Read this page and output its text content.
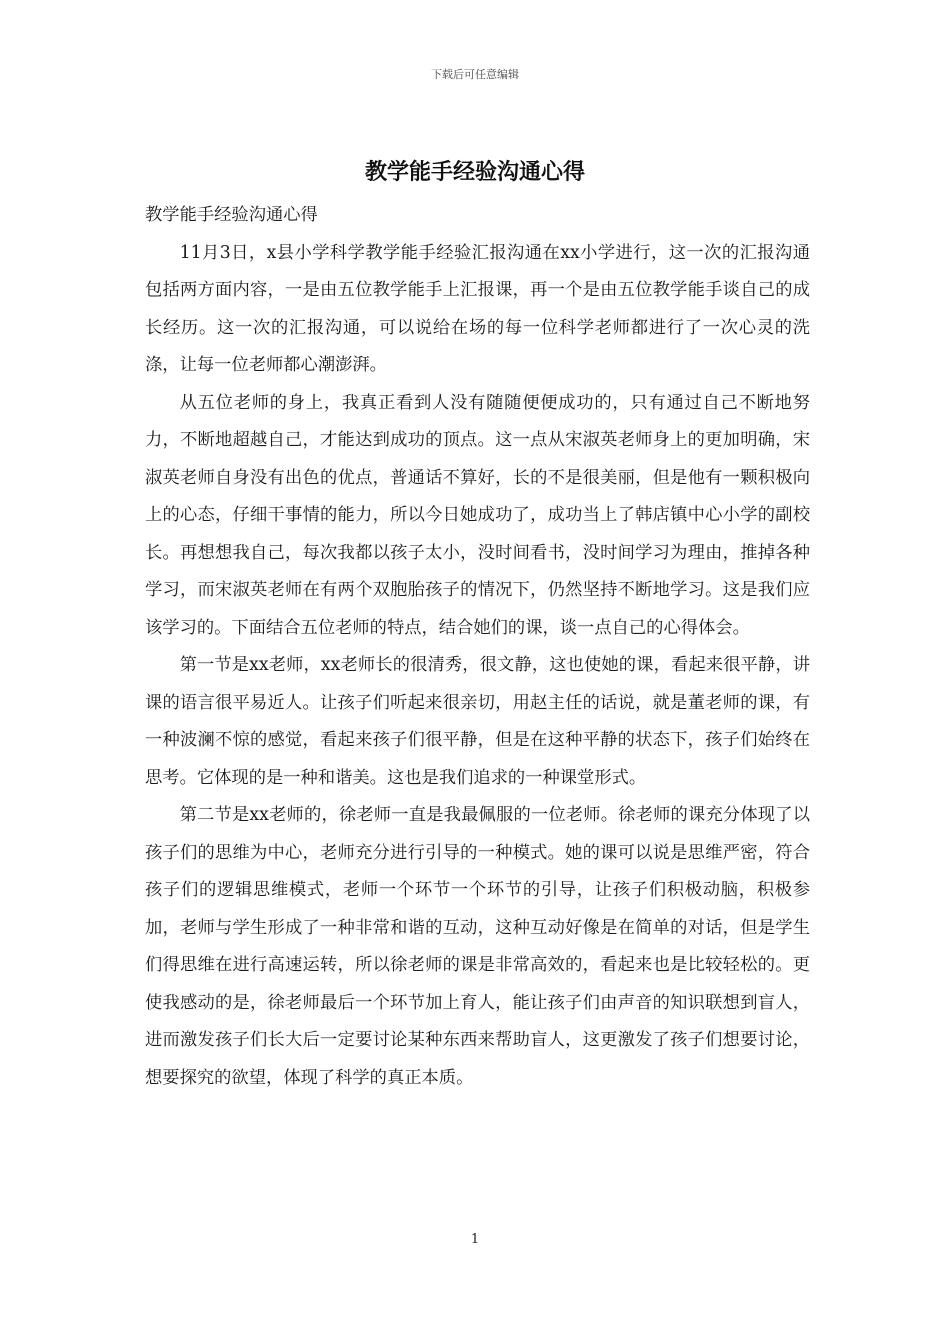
下载后可任意编辑
教学能手经验沟通心得

教学能手经验沟通心得

11月3日，x县小学科学教学能手经验汇报沟通在xx小学进行，这一次的汇报沟通包括两方面内容，一是由五位教学能手上汇报课，再一个是由五位教学能手谈自己的成长经历。这一次的汇报沟通，可以说给在场的每一位科学老师都进行了一次心灵的洗涤，让每一位老师都心潮澎湃。

从五位老师的身上，我真正看到人没有随随便便成功的，只有通过自己不断地努力，不断地超越自己，才能达到成功的顶点。这一点从宋淑英老师身上的更加明确，宋淑英老师自身没有出色的优点，普通话不算好，长的不是很美丽，但是他有一颗积极向上的心态，仔细干事情的能力，所以今日她成功了，成功当上了韩店镇中心小学的副校长。再想想我自己，每次我都以孩子太小，没时间看书，没时间学习为理由，推掉各种学习，而宋淑英老师在有两个双胞胎孩子的情况下，仍然坚持不断地学习。这是我们应该学习的。下面结合五位老师的特点，结合她们的课，谈一点自己的心得体会。

第一节是xx老师，xx老师长的很清秀，很文静，这也使她的课，看起来很平静，讲课的语言很平易近人。让孩子们听起来很亲切，用赵主任的话说，就是董老师的课，有一种波澜不惊的感觉，看起来孩子们很平静，但是在这种平静的状态下，孩子们始终在思考。它体现的是一种和谐美。这也是我们追求的一种课堂形式。

第二节是xx老师的，徐老师一直是我最佩服的一位老师。徐老师的课充分体现了以孩子们的思维为中心，老师充分进行引导的一种模式。她的课可以说是思维严密，符合孩子们的逻辑思维模式，老师一个环节一个环节的引导，让孩子们积极动脑，积极参加，老师与学生形成了一种非常和谐的互动，这种互动好像是在简单的对话，但是学生们得思维在进行高速运转，所以徐老师的课是非常高效的，看起来也是比较轻松的。更使我感动的是，徐老师最后一个环节加上育人，能让孩子们由声音的知识联想到盲人，进而激发孩子们长大后一定要讨论某种东西来帮助盲人，这更激发了孩子们想要讨论，想要探究的欲望，体现了科学的真正本质。

1
